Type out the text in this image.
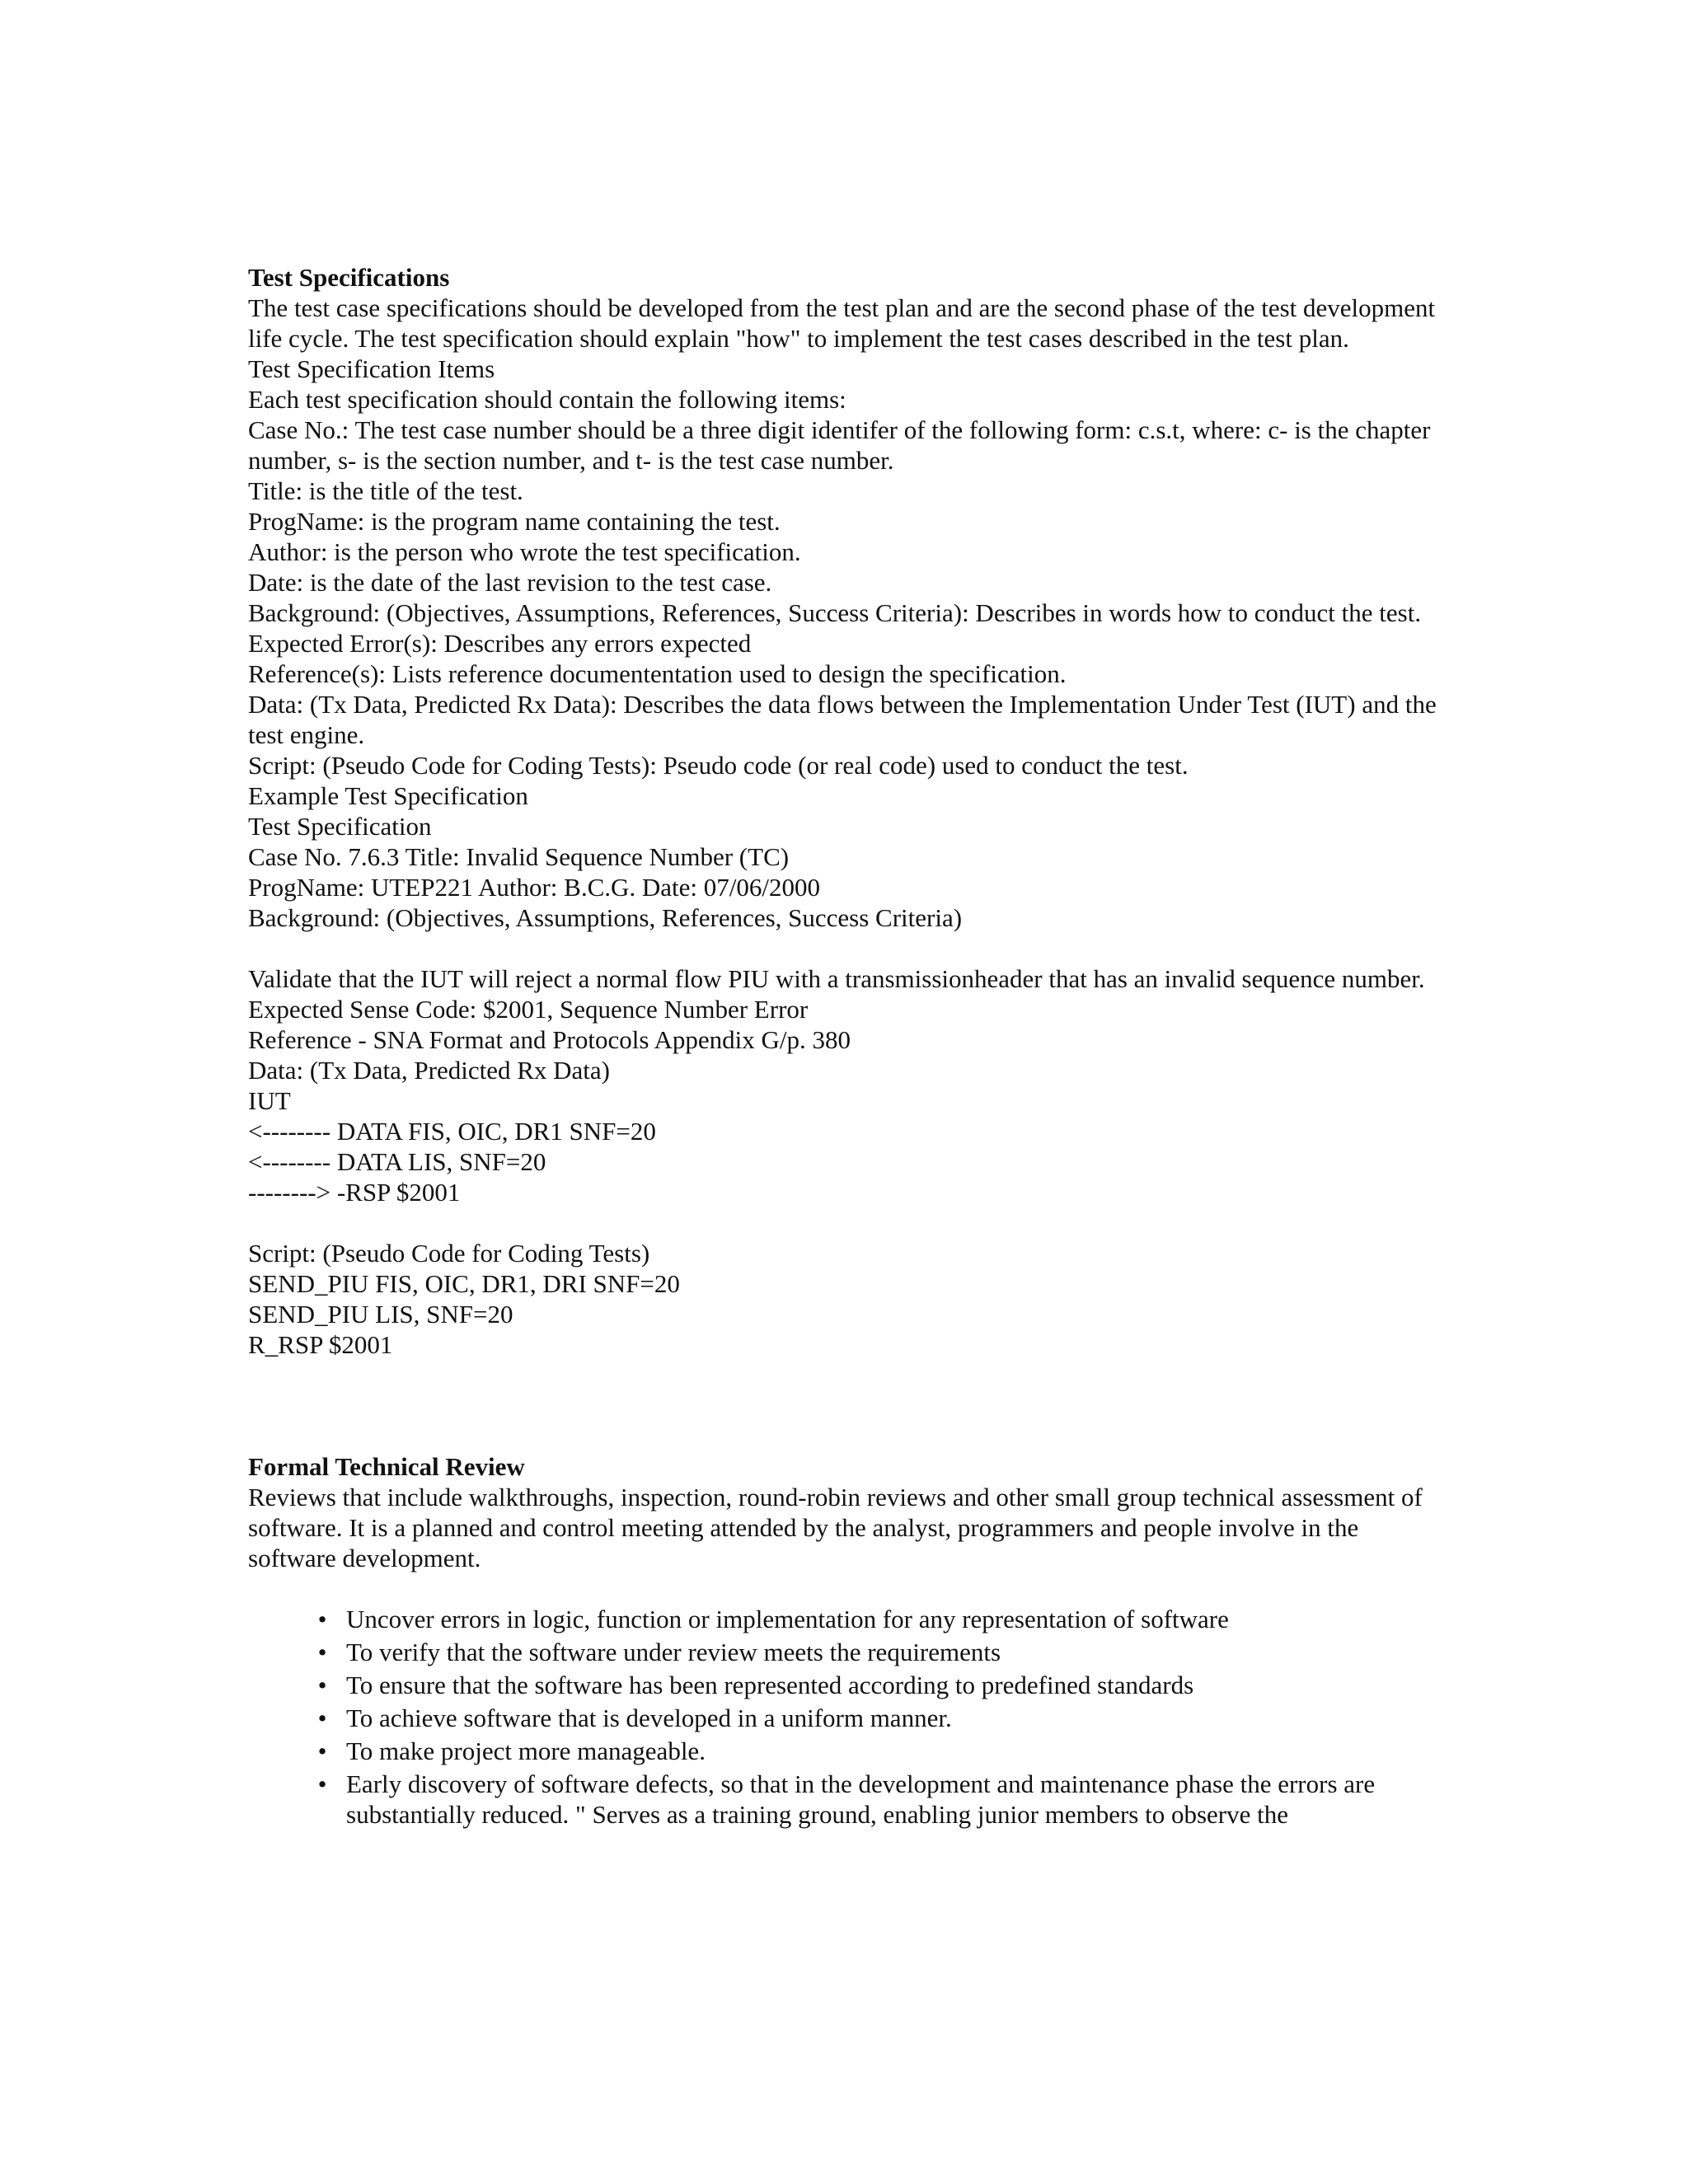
Test Specifications
The test case specifications should be developed from the test plan and are the second phase of the test development life cycle. The test specification should explain "how" to implement the test cases described in the test plan.
Test Specification Items
Each test specification should contain the following items:
Case No.: The test case number should be a three digit identifer of the following form: c.s.t, where: c- is the chapter number, s- is the section number, and t- is the test case number.
Title: is the title of the test.
ProgName: is the program name containing the test.
Author: is the person who wrote the test specification.
Date: is the date of the last revision to the test case.
Background: (Objectives, Assumptions, References, Success Criteria): Describes in words how to conduct the test.
Expected Error(s): Describes any errors expected
Reference(s): Lists reference documententation used to design the specification.
Data: (Tx Data, Predicted Rx Data): Describes the data flows between the Implementation Under Test (IUT) and the test engine.
Script: (Pseudo Code for Coding Tests): Pseudo code (or real code) used to conduct the test.
Example Test Specification
Test Specification
Case No. 7.6.3 Title: Invalid Sequence Number (TC)
ProgName: UTEP221 Author: B.C.G. Date: 07/06/2000
Background: (Objectives, Assumptions, References, Success Criteria)
Validate that the IUT will reject a normal flow PIU with a transmissionheader that has an invalid sequence number.
Expected Sense Code: $2001, Sequence Number Error
Reference - SNA Format and Protocols Appendix G/p. 380
Data: (Tx Data, Predicted Rx Data)
IUT
<-------- DATA FIS, OIC, DR1 SNF=20
<-------- DATA LIS, SNF=20
--------> -RSP $2001
Script: (Pseudo Code for Coding Tests)
SEND_PIU FIS, OIC, DR1, DRI SNF=20
SEND_PIU LIS, SNF=20
R_RSP $2001
Formal Technical Review
Reviews that include walkthroughs, inspection, round-robin reviews and other small group technical assessment of software. It is a planned and control meeting attended by the analyst, programmers and people involve in the software development.
• Uncover errors in logic, function or implementation for any representation of software
• To verify that the software under review meets the requirements
• To ensure that the software has been represented according to predefined standards
• To achieve software that is developed in a uniform manner.
• To make project more manageable.
• Early discovery of software defects, so that in the development and maintenance phase the errors are substantially reduced. " Serves as a training ground, enabling junior members to observe the
